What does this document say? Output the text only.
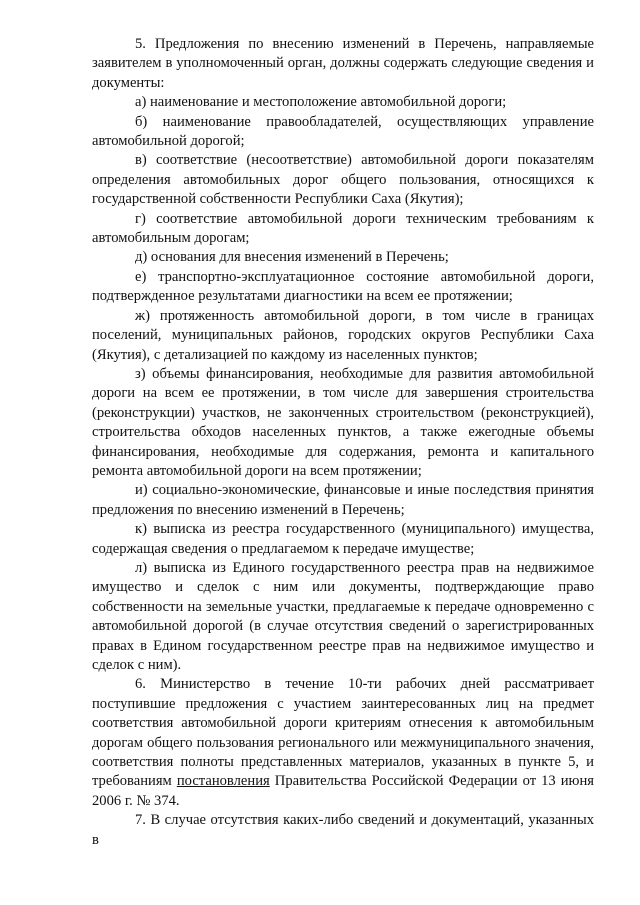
5. Предложения по внесению изменений в Перечень, направляемые заявителем в уполномоченный орган, должны содержать следующие сведения и документы:

а) наименование и местоположение автомобильной дороги;

б) наименование правообладателей, осуществляющих управление автомобильной дорогой;

в) соответствие (несоответствие) автомобильной дороги показателям определения автомобильных дорог общего пользования, относящихся к государственной собственности Республики Саха (Якутия);

г) соответствие автомобильной дороги техническим требованиям к автомобильным дорогам;

д) основания для внесения изменений в Перечень;

е) транспортно-эксплуатационное состояние автомобильной дороги, подтвержденное результатами диагностики на всем ее протяжении;

ж) протяженность автомобильной дороги, в том числе в границах поселений, муниципальных районов, городских округов Республики Саха (Якутия), с детализацией по каждому из населенных пунктов;

з) объемы финансирования, необходимые для развития автомобильной дороги на всем ее протяжении, в том числе для завершения строительства (реконструкции) участков, не законченных строительством (реконструкцией), строительства обходов населенных пунктов, а также ежегодные объемы финансирования, необходимые для содержания, ремонта и капитального ремонта автомобильной дороги на всем протяжении;

и) социально-экономические, финансовые и иные последствия принятия предложения по внесению изменений в Перечень;

к) выписка из реестра государственного (муниципального) имущества, содержащая сведения о предлагаемом к передаче имуществе;

л) выписка из Единого государственного реестра прав на недвижимое имущество и сделок с ним или документы, подтверждающие право собственности на земельные участки, предлагаемые к передаче одновременно с автомобильной дорогой (в случае отсутствия сведений о зарегистрированных правах в Едином государственном реестре прав на недвижимое имущество и сделок с ним).

6. Министерство в течение 10-ти рабочих дней рассматривает поступившие предложения с участием заинтересованных лиц на предмет соответствия автомобильной дороги критериям отнесения к автомобильным дорогам общего пользования регионального или межмуниципального значения, соответствия полноты представленных материалов, указанных в пункте 5, и требованиям постановления Правительства Российской Федерации от 13 июня 2006 г. № 374.

7. В случае отсутствия каких-либо сведений и документаций, указанных в
